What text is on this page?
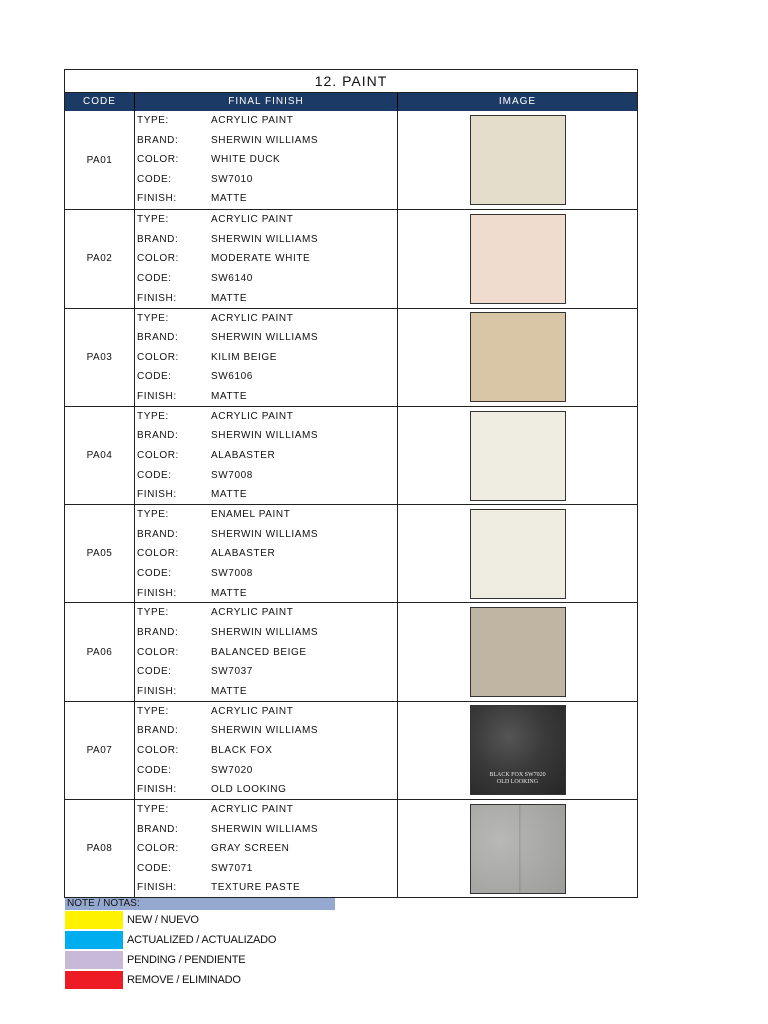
12. PAINT
CODE	FINAL FINISH	IMAGE
PA01
TYPE:	ACRYLIC PAINT
BRAND:	SHERWIN WILLIAMS
COLOR:	WHITE DUCK
CODE:	SW7010
FINISH:	MATTE
PA02
TYPE:	ACRYLIC PAINT
BRAND:	SHERWIN WILLIAMS
COLOR:	MODERATE WHITE
CODE:	SW6140
FINISH:	MATTE
PA03
TYPE:	ACRYLIC PAINT
BRAND:	SHERWIN WILLIAMS
COLOR:	KILIM BEIGE
CODE:	SW6106
FINISH:	MATTE
PA04
TYPE:	ACRYLIC PAINT
BRAND:	SHERWIN WILLIAMS
COLOR:	ALABASTER
CODE:	SW7008
FINISH:	MATTE
PA05
TYPE:	ENAMEL PAINT
BRAND:	SHERWIN WILLIAMS
COLOR:	ALABASTER
CODE:	SW7008
FINISH:	MATTE
PA06
TYPE:	ACRYLIC PAINT
BRAND:	SHERWIN WILLIAMS
COLOR:	BALANCED BEIGE
CODE:	SW7037
FINISH:	MATTE
PA07
TYPE:	ACRYLIC PAINT
BRAND:	SHERWIN WILLIAMS
COLOR:	BLACK FOX
CODE:	SW7020
FINISH:	OLD LOOKING
BLACK FOX SW7020
OLD LOOKING
PA08
TYPE:	ACRYLIC PAINT
BRAND:	SHERWIN WILLIAMS
COLOR:	GRAY SCREEN
CODE:	SW7071
FINISH:	TEXTURE PASTE
NOTE / NOTAS:
NEW / NUEVO
ACTUALIZED / ACTUALIZADO
PENDING / PENDIENTE
REMOVE / ELIMINADO
